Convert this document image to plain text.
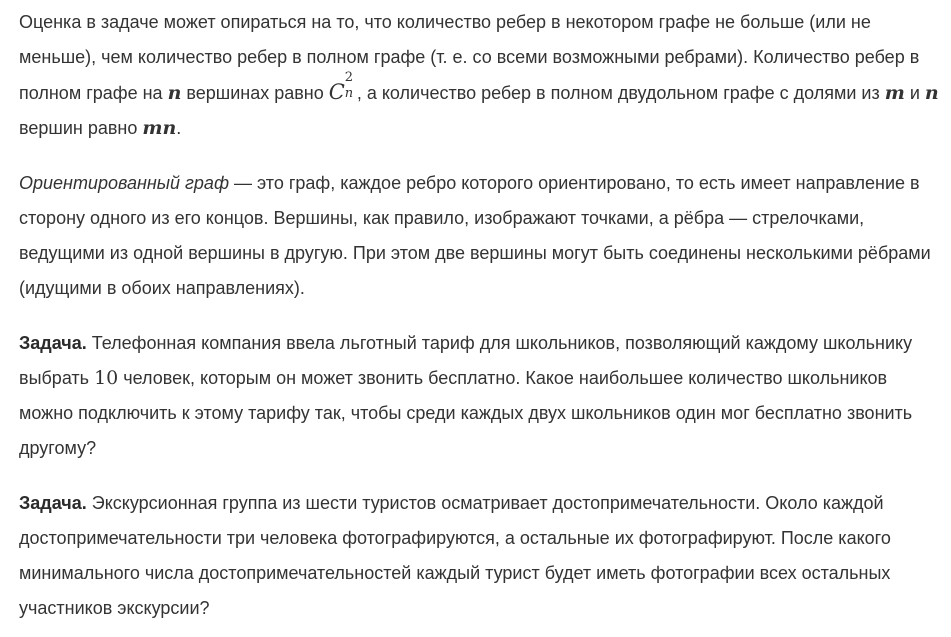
Оценка в задаче может опираться на то, что количество ребер в некотором графе не больше (или не меньше), чем количество ребер в полном графе (т. е. со всеми возможными ребрами). Количество ребер в полном графе на n вершинах равно C
2
n , а количество ребер в полном двудольном графе с долями из m и n вершин равно mn.

Ориентированный граф — это граф, каждое ребро которого ориентировано, то есть имеет направление в сторону одного из его концов. Вершины, как правило, изображают точками, а рёбра — стрелочками, ведущими из одной вершины в другую. При этом две вершины могут быть соединены несколькими рёбрами (идущими в обоих направлениях).

Задача. Телефонная компания ввела льготный тариф для школьников, позволяющий каждому школьнику выбрать 10 человек, которым он может звонить бесплатно. Какое наибольшее количество школьников можно подключить к этому тарифу так, чтобы среди каждых двух школьников один мог бесплатно звонить другому?

Задача. Экскурсионная группа из шести туристов осматривает достопримечательности. Около каждой достопримечательности три человека фотографируются, а остальные их фотографируют. После какого минимального числа достопримечательностей каждый турист будет иметь фотографии всех остальных участников экскурсии?
